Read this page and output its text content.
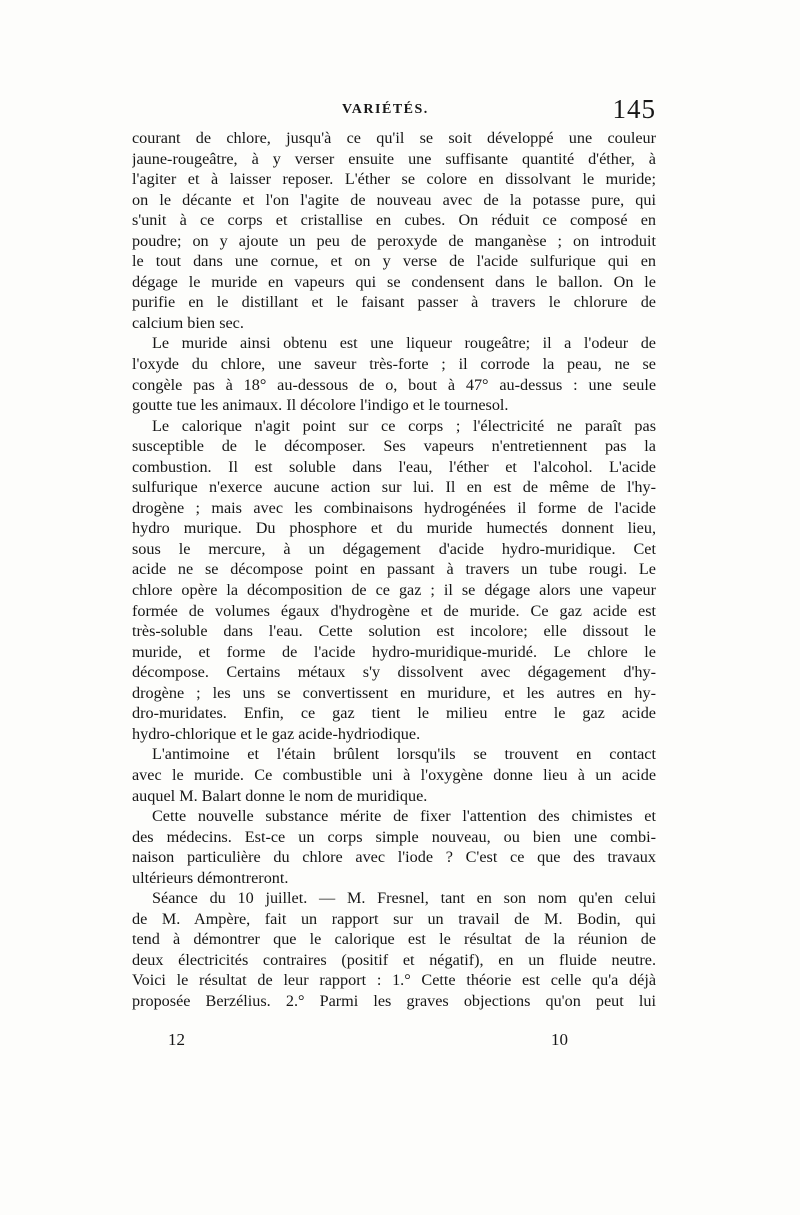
VARIÉTÉS.	145
courant de chlore, jusqu'à ce qu'il se soit développé une couleur
jaune-rougeâtre, à y verser ensuite une suffisante quantité d'éther, à
l'agiter et à laisser reposer. L'éther se colore en dissolvant le muride;
on le décante et l'on l'agite de nouveau avec de la potasse pure, qui
s'unit à ce corps et cristallise en cubes. On réduit ce composé en
poudre; on y ajoute un peu de peroxyde de manganèse ; on introduit
le tout dans une cornue, et on y verse de l'acide sulfurique qui en
dégage le muride en vapeurs qui se condensent dans le ballon. On le
purifie en le distillant et le faisant passer à travers le chlorure de
calcium bien sec.
Le muride ainsi obtenu est une liqueur rougeâtre; il a l'odeur de
l'oxyde du chlore, une saveur très-forte ; il corrode la peau, ne se
congèle pas à 18° au-dessous de o, bout à 47° au-dessus : une seule
goutte tue les animaux. Il décolore l'indigo et le tournesol.
Le calorique n'agit point sur ce corps ; l'électricité ne paraît pas
susceptible de le décomposer. Ses vapeurs n'entretiennent pas la
combustion. Il est soluble dans l'eau, l'éther et l'alcohol. L'acide
sulfurique n'exerce aucune action sur lui. Il en est de même de l'hy-
drogène ; mais avec les combinaisons hydrogénées il forme de l'acide
hydro murique. Du phosphore et du muride humectés donnent lieu,
sous le mercure, à un dégagement d'acide hydro-muridique. Cet
acide ne se décompose point en passant à travers un tube rougi. Le
chlore opère la décomposition de ce gaz ; il se dégage alors une vapeur
formée de volumes égaux d'hydrogène et de muride. Ce gaz acide est
très-soluble dans l'eau. Cette solution est incolore; elle dissout le
muride, et forme de l'acide hydro-muridique-muridé. Le chlore le
décompose. Certains métaux s'y dissolvent avec dégagement d'hy-
drogène ; les uns se convertissent en muridure, et les autres en hy-
dro-muridates. Enfin, ce gaz tient le milieu entre le gaz acide
hydro-chlorique et le gaz acide-hydriodique.
L'antimoine et l'étain brûlent lorsqu'ils se trouvent en contact
avec le muride. Ce combustible uni à l'oxygène donne lieu à un acide
auquel M. Balart donne le nom de muridique.
Cette nouvelle substance mérite de fixer l'attention des chimistes et
des médecins. Est-ce un corps simple nouveau, ou bien une combi-
naison particulière du chlore avec l'iode ? C'est ce que des travaux
ultérieurs démontreront.
Séance du 10 juillet. — M. Fresnel, tant en son nom qu'en celui
de M. Ampère, fait un rapport sur un travail de M. Bodin, qui
tend à démontrer que le calorique est le résultat de la réunion de
deux électricités contraires (positif et négatif), en un fluide neutre.
Voici le résultat de leur rapport : 1.° Cette théorie est celle qu'a déjà
proposée Berzélius. 2.° Parmi les graves objections qu'on peut lui
12	10
